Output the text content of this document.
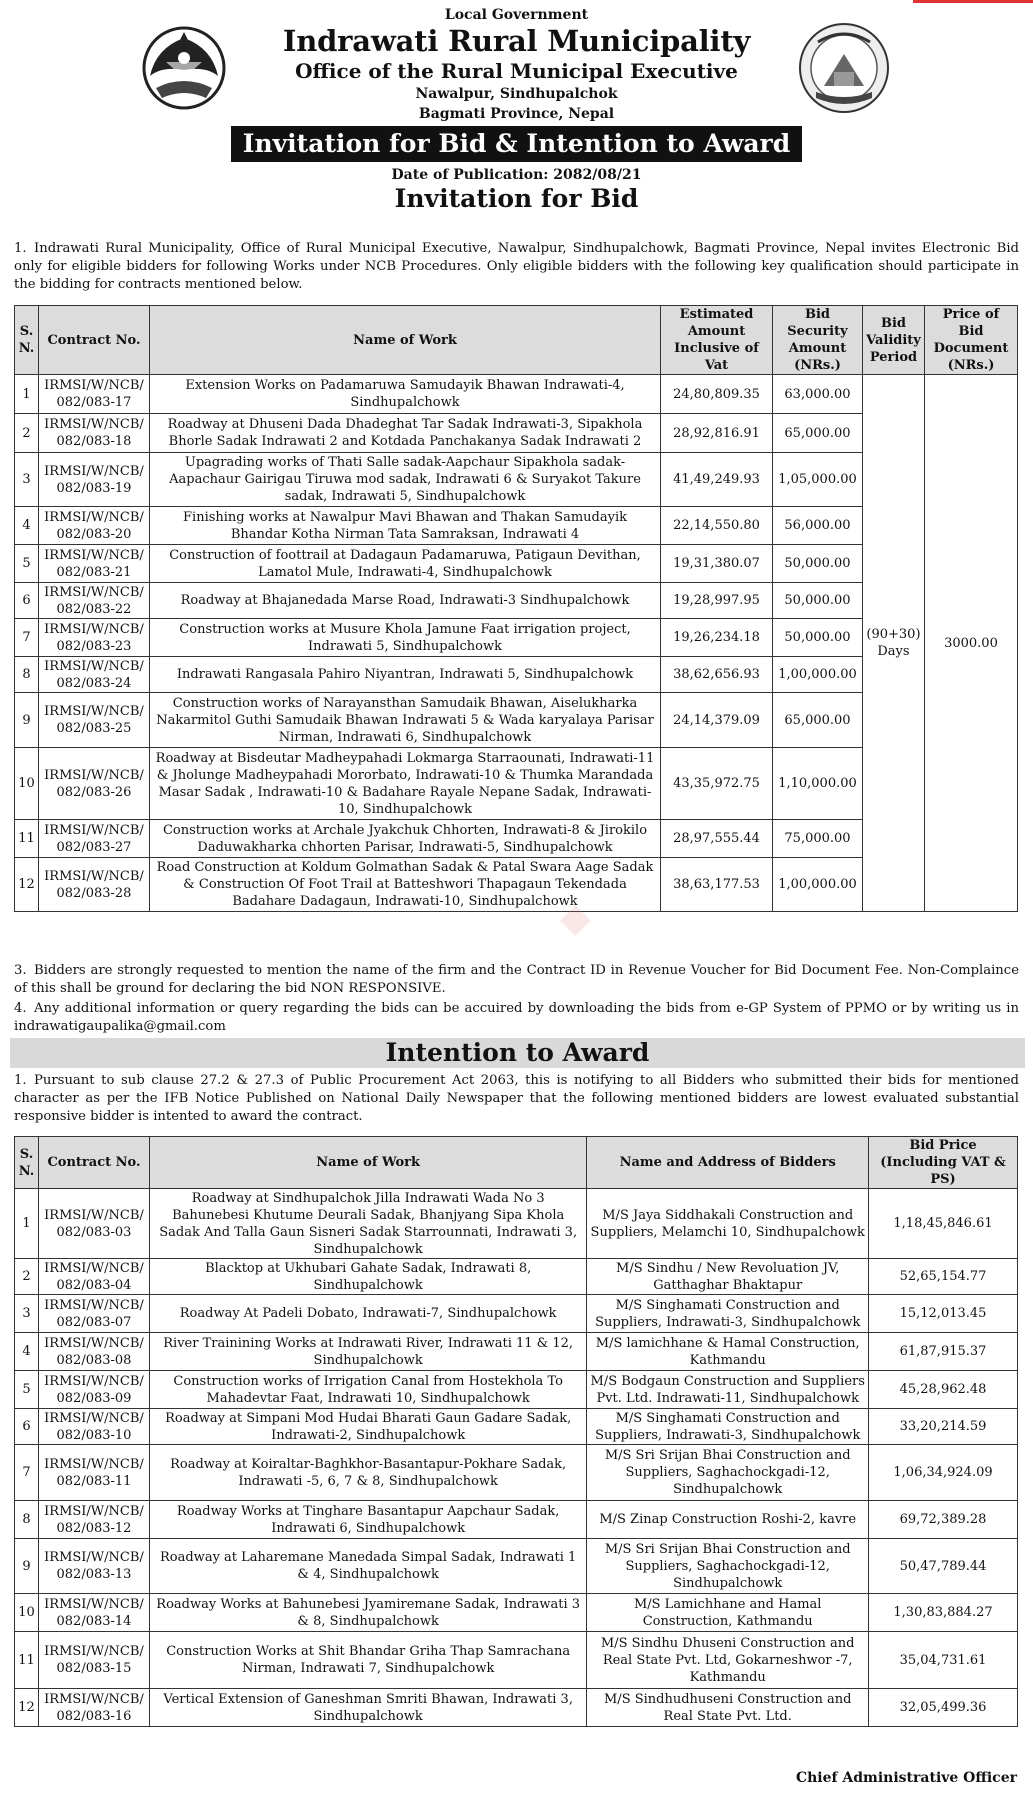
Local Government
Indrawati Rural Municipality
Office of the Rural Municipal Executive
Nawalpur, Sindhupalchok
Bagmati Province, Nepal
Invitation for Bid & Intention to Award
Date of Publication: 2082/08/21
Invitation for Bid
1. Indrawati Rural Municipality, Office of Rural Municipal Executive, Nawalpur, Sindhupalchowk, Bagmati Province, Nepal invites Electronic Bid only for eligible bidders for following Works under NCB Procedures. Only eligible bidders with the following key qualification should participate in the bidding for contracts mentioned below.
S. N.	Contract No.	Name of Work	Estimated Amount Inclusive of Vat	Bid Security Amount (NRs.)	Bid Validity Period	Price of Bid Document (NRs.)
1	IRMSI/W/NCB/ 082/083-17	Extension Works on Padamaruwa Samudayik Bhawan Indrawati-4, Sindhupalchowk	24,80,809.35	63,000.00	(90+30) Days	3000.00
2	IRMSI/W/NCB/ 082/083-18	Roadway at Dhuseni Dada Dhadeghat Tar Sadak Indrawati-3, Sipakhola Bhorle Sadak Indrawati 2 and Kotdada Panchakanya Sadak Indrawati 2	28,92,816.91	65,000.00		
3	IRMSI/W/NCB/ 082/083-19	Upagrading works of Thati Salle sadak-Aapchaur Sipakhola sadak-Aapachaur Gairigau Tiruwa mod sadak, Indrawati 6 & Suryakot Takure sadak, Indrawati 5, Sindhupalchowk	41,49,249.93	1,05,000.00		
4	IRMSI/W/NCB/ 082/083-20	Finishing works at Nawalpur Mavi Bhawan and Thakan Samudayik Bhandar Kotha Nirman Tata Samraksan, Indrawati 4	22,14,550.80	56,000.00		
5	IRMSI/W/NCB/ 082/083-21	Construction of foottrail at Dadagaun Padamaruwa, Patigaun Devithan, Lamatol Mule, Indrawati-4, Sindhupalchowk	19,31,380.07	50,000.00		
6	IRMSI/W/NCB/ 082/083-22	Roadway at Bhajanedada Marse Road, Indrawati-3 Sindhupalchowk	19,28,997.95	50,000.00		
7	IRMSI/W/NCB/ 082/083-23	Construction works at Musure Khola Jamune Faat irrigation project, Indrawati 5, Sindhupalchowk	19,26,234.18	50,000.00		
8	IRMSI/W/NCB/ 082/083-24	Indrawati Rangasala Pahiro Niyantran, Indrawati 5, Sindhupalchowk	38,62,656.93	1,00,000.00		
9	IRMSI/W/NCB/ 082/083-25	Construction works of Narayansthan Samudaik Bhawan, Aiselukharka Nakarmitol Guthi Samudaik Bhawan Indrawati 5 & Wada karyalaya Parisar Nirman, Indrawati 6, Sindhupalchowk	24,14,379.09	65,000.00		
10	IRMSI/W/NCB/ 082/083-26	Roadway at Bisdeutar Madheypahadi Lokmarga Starraounati, Indrawati-11 & Jholunge Madheypahadi Mororbato, Indrawati-10 & Thumka Marandada Masar Sadak , Indrawati-10 & Badahare Rayale Nepane Sadak, Indrawati-10, Sindhupalchowk	43,35,972.75	1,10,000.00		
11	IRMSI/W/NCB/ 082/083-27	Construction works at Archale Jyakchuk Chhorten, Indrawati-8 & Jirokilo Daduwakharka chhorten Parisar, Indrawati-5, Sindhupalchowk	28,97,555.44	75,000.00		
12	IRMSI/W/NCB/ 082/083-28	Road Construction at Koldum Golmathan Sadak & Patal Swara Aage Sadak & Construction Of Foot Trail at Batteshwori Thapagaun Tekendada Badahare Dadagaun, Indrawati-10, Sindhupalchowk	38,63,177.53	1,00,000.00		
◆
3. Bidders are strongly requested to mention the name of the firm and the Contract ID in Revenue Voucher for Bid Document Fee. Non-Complaince of this shall be ground for declaring the bid NON RESPONSIVE.
4. Any additional information or query regarding the bids can be accuired by downloading the bids from e-GP System of PPMO or by writing us in indrawatigaupalika@gmail.com
Intention to Award
1. Pursuant to sub clause 27.2 & 27.3 of Public Procurement Act 2063, this is notifying to all Bidders who submitted their bids for mentioned character as per the IFB Notice Published on National Daily Newspaper that the following mentioned bidders are lowest evaluated substantial responsive bidder is intented to award the contract.
S. N.	Contract No.	Name of Work	Name and Address of Bidders	Bid Price (Including VAT & PS)
1	IRMSI/W/NCB/ 082/083-03	Roadway at Sindhupalchok Jilla Indrawati Wada No 3 Bahunebesi Khutume Deurali Sadak, Bhanjyang Sipa Khola Sadak And Talla Gaun Sisneri Sadak Starrounnati, Indrawati 3, Sindhupalchowk	M/S Jaya Siddhakali Construction and Suppliers, Melamchi 10, Sindhupalchowk	1,18,45,846.61
2	IRMSI/W/NCB/ 082/083-04	Blacktop at Ukhubari Gahate Sadak, Indrawati 8, Sindhupalchowk	M/S Sindhu / New Revoluation JV, Gatthaghar Bhaktapur	52,65,154.77
3	IRMSI/W/NCB/ 082/083-07	Roadway At Padeli Dobato, Indrawati-7, Sindhupalchowk	M/S Singhamati Construction and Suppliers, Indrawati-3, Sindhupalchowk	15,12,013.45
4	IRMSI/W/NCB/ 082/083-08	River Trainining Works at Indrawati River, Indrawati 11 & 12, Sindhupalchowk	M/S lamichhane & Hamal Construction, Kathmandu	61,87,915.37
5	IRMSI/W/NCB/ 082/083-09	Construction works of Irrigation Canal from Hostekhola To Mahadevtar Faat, Indrawati 10, Sindhupalchowk	M/S Bodgaun Construction and Suppliers Pvt. Ltd. Indrawati-11, Sindhupalchowk	45,28,962.48
6	IRMSI/W/NCB/ 082/083-10	Roadway at Simpani Mod Hudai Bharati Gaun Gadare Sadak, Indrawati-2, Sindhupalchowk	M/S Singhamati Construction and Suppliers, Indrawati-3, Sindhupalchowk	33,20,214.59
7	IRMSI/W/NCB/ 082/083-11	Roadway at Koiraltar-Baghkhor-Basantapur-Pokhare Sadak, Indrawati -5, 6, 7 & 8, Sindhupalchowk	M/S Sri Srijan Bhai Construction and Suppliers, Saghachockgadi-12, Sindhupalchowk	1,06,34,924.09
8	IRMSI/W/NCB/ 082/083-12	Roadway Works at Tinghare Basantapur Aapchaur Sadak, Indrawati 6, Sindhupalchowk	M/S Zinap Construction Roshi-2, kavre	69,72,389.28
9	IRMSI/W/NCB/ 082/083-13	Roadway at Laharemane Manedada Simpal Sadak, Indrawati 1 & 4, Sindhupalchowk	M/S Sri Srijan Bhai Construction and Suppliers, Saghachockgadi-12, Sindhupalchowk	50,47,789.44
10	IRMSI/W/NCB/ 082/083-14	Roadway Works at Bahunebesi Jyamiremane Sadak, Indrawati 3 & 8, Sindhupalchowk	M/S Lamichhane and Hamal Construction, Kathmandu	1,30,83,884.27
11	IRMSI/W/NCB/ 082/083-15	Construction Works at Shit Bhandar Griha Thap Samrachana Nirman, Indrawati 7, Sindhupalchowk	M/S Sindhu Dhuseni Construction and Real State Pvt. Ltd, Gokarneshwor -7, Kathmandu	35,04,731.61
12	IRMSI/W/NCB/ 082/083-16	Vertical Extension of Ganeshman Smriti Bhawan, Indrawati 3, Sindhupalchowk	M/S Sindhudhuseni Construction and Real State Pvt. Ltd.	32,05,499.36
Chief Administrative Officer
